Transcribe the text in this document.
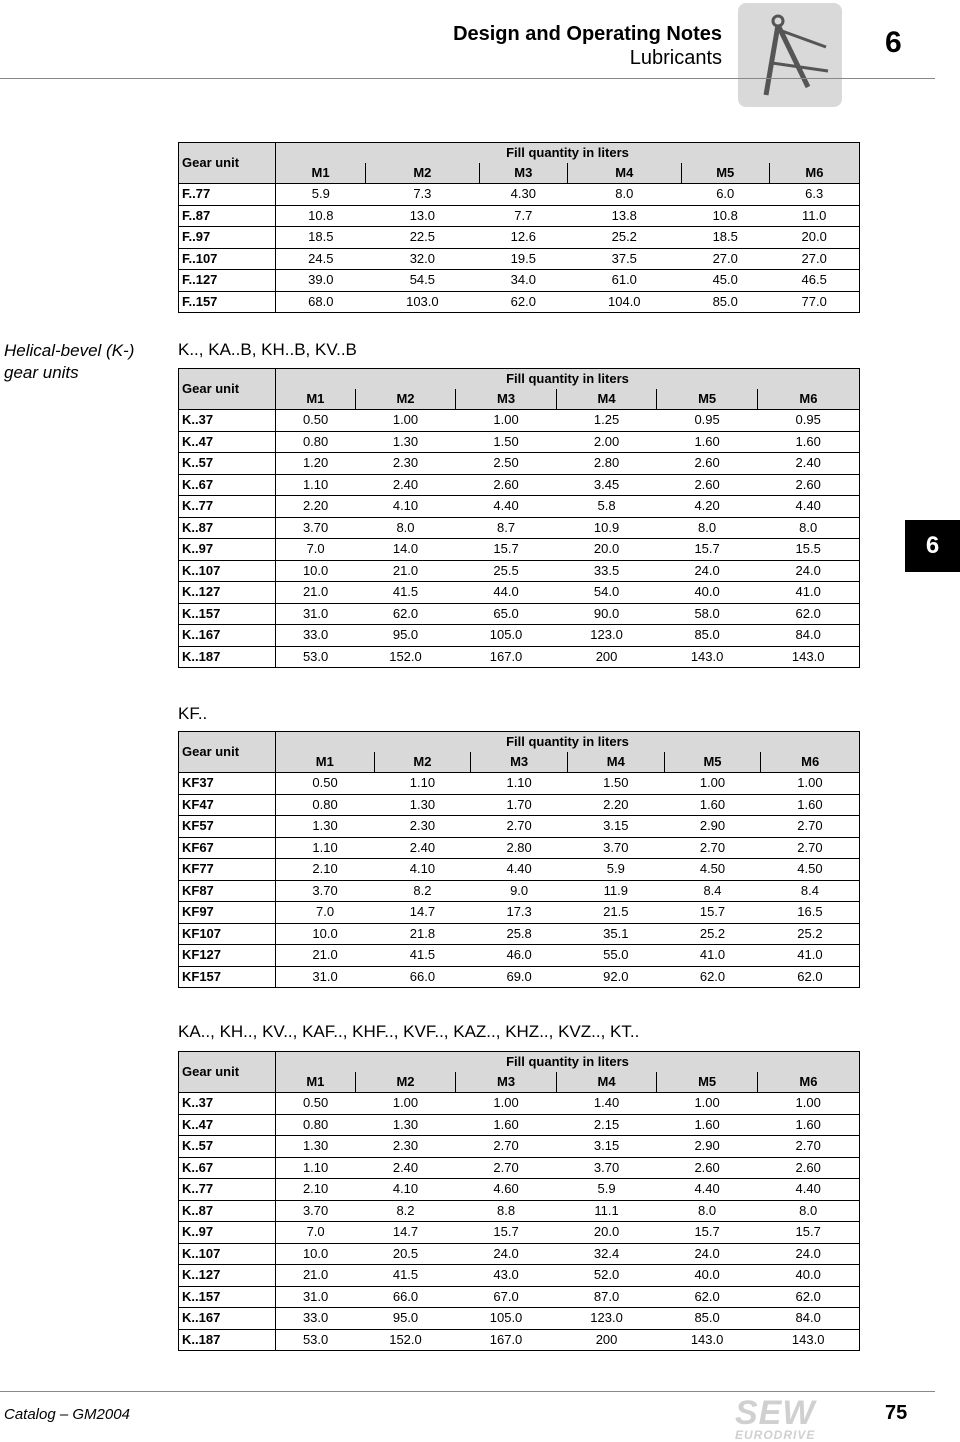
Design and Operating Notes
Lubricants	6
6
Helical-bevel (K-) gear units
K.., KA..B, KH..B, KV..B
KF..
KA.., KH.., KV.., KAF.., KHF.., KVF.., KAZ.., KHZ.., KVZ.., KT..
Gear unit	Fill quantity in liters					
	M1	M2	M3	M4	M5	M6
F..77	5.9	7.3	4.30	8.0	6.0	6.3
F..87	10.8	13.0	7.7	13.8	10.8	11.0
F..97	18.5	22.5	12.6	25.2	18.5	20.0
F..107	24.5	32.0	19.5	37.5	27.0	27.0
F..127	39.0	54.5	34.0	61.0	45.0	46.5
F..157	68.0	103.0	62.0	104.0	85.0	77.0
Gear unit	Fill quantity in liters					
	M1	M2	M3	M4	M5	M6
K..37	0.50	1.00	1.00	1.25	0.95	0.95
K..47	0.80	1.30	1.50	2.00	1.60	1.60
K..57	1.20	2.30	2.50	2.80	2.60	2.40
K..67	1.10	2.40	2.60	3.45	2.60	2.60
K..77	2.20	4.10	4.40	5.8	4.20	4.40
K..87	3.70	8.0	8.7	10.9	8.0	8.0
K..97	7.0	14.0	15.7	20.0	15.7	15.5
K..107	10.0	21.0	25.5	33.5	24.0	24.0
K..127	21.0	41.5	44.0	54.0	40.0	41.0
K..157	31.0	62.0	65.0	90.0	58.0	62.0
K..167	33.0	95.0	105.0	123.0	85.0	84.0
K..187	53.0	152.0	167.0	200	143.0	143.0
Gear unit	Fill quantity in liters					
	M1	M2	M3	M4	M5	M6
KF37	0.50	1.10	1.10	1.50	1.00	1.00
KF47	0.80	1.30	1.70	2.20	1.60	1.60
KF57	1.30	2.30	2.70	3.15	2.90	2.70
KF67	1.10	2.40	2.80	3.70	2.70	2.70
KF77	2.10	4.10	4.40	5.9	4.50	4.50
KF87	3.70	8.2	9.0	11.9	8.4	8.4
KF97	7.0	14.7	17.3	21.5	15.7	16.5
KF107	10.0	21.8	25.8	35.1	25.2	25.2
KF127	21.0	41.5	46.0	55.0	41.0	41.0
KF157	31.0	66.0	69.0	92.0	62.0	62.0
Gear unit	Fill quantity in liters					
	M1	M2	M3	M4	M5	M6
K..37	0.50	1.00	1.00	1.40	1.00	1.00
K..47	0.80	1.30	1.60	2.15	1.60	1.60
K..57	1.30	2.30	2.70	3.15	2.90	2.70
K..67	1.10	2.40	2.70	3.70	2.60	2.60
K..77	2.10	4.10	4.60	5.9	4.40	4.40
K..87	3.70	8.2	8.8	11.1	8.0	8.0
K..97	7.0	14.7	15.7	20.0	15.7	15.7
K..107	10.0	20.5	24.0	32.4	24.0	24.0
K..127	21.0	41.5	43.0	52.0	40.0	40.0
K..157	31.0	66.0	67.0	87.0	62.0	62.0
K..167	33.0	95.0	105.0	123.0	85.0	84.0
K..187	53.0	152.0	167.0	200	143.0	143.0
Catalog – GM2004	SEW
EURODRIVE
75
